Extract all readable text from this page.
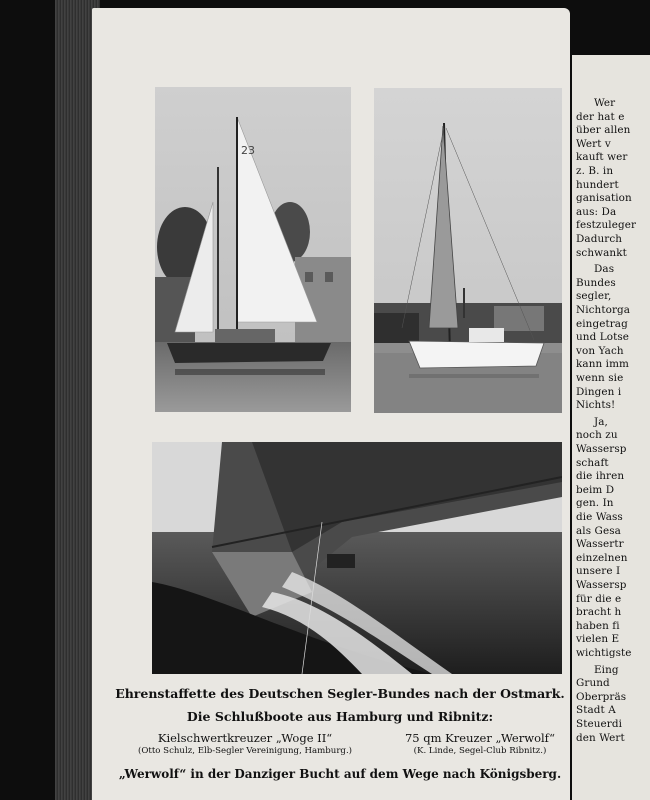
23
Ehrenstaffette des Deutschen Segler-Bundes nach der Ostmark.
Die Schlußboote aus Hamburg und Ribnitz:
Kielschwertkreuzer „Woge II“
(Otto Schulz, Elb-Segler Vereinigung, Hamburg.)
75 qm Kreuzer „Werwolf“
(K. Linde, Segel-Club Ribnitz.)
„Werwolf“ in der Danziger Bucht auf dem Wege nach Königsberg.
Wer
der hat e
über allen
Wert v
kauft wer
z. B. in
hundert
ganisation
aus: Da
festzuleger
Dadurch
schwankt
Das
Bundes
segler,
Nichtorga
eingetrag
und Lotse
von Yach
kann imm
wenn sie
Dingen i
Nichts!
Ja,
noch zu
Wassersp
schaft
die ihren
beim D
gen. In
die Wass
als Gesa
Wassertr
einzelnen
unsere I
Wassersp
für die e
bracht h
haben fi
vielen E
wichtigste
Eing
Grund
Oberpräs
Stadt A
Steuerdi
den Wert
